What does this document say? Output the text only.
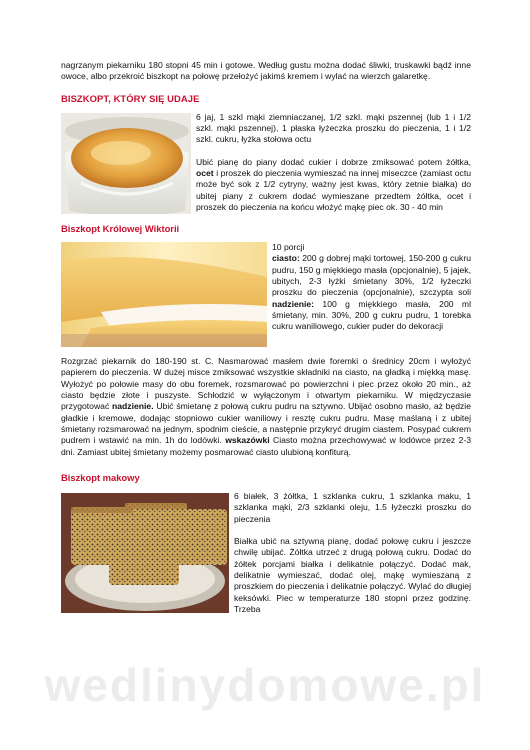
nagrzanym piekarniku 180 stopni 45 min i gotowe. Według gustu można dodać śliwki, truskawki bądź inne owoce, albo przekroić biszkopt na połowę przełożyć jakimś kremem i wylać na wierzch galaretkę.

BISZKOPT, KTÓRY SIĘ UDAJE

6 jaj, 1 szkl mąki ziemniaczanej, 1/2 szkl. mąki pszennej (lub 1 i 1/2 szkl. mąki pszennej), 1 płaska łyżeczka proszku do pieczenia, 1 i 1/2 szkl. cukru, łyżka stołowa octu

Ubić pianę do piany dodać cukier i dobrze zmiksować potem żółtka, ocet i proszek do pieczenia wymieszać na innej miseczce (zamiast octu może być sok z 1/2 cytryny, ważny jest kwas, który zetnie białka) do ubitej piany z cukrem dodać wymieszane przedtem żółtka, ocet i proszek do pieczenia na końcu włożyć mąkę piec ok. 30 - 40 min

Biszkopt Królowej Wiktorii

10 porcji

ciasto: 200 g dobrej mąki tortowej, 150-200 g cukru pudru, 150 g miękkiego masła (opcjonalnie), 5 jajek, ubitych, 2-3 łyżki śmietany 30%, 1/2 łyżeczki proszku do pieczenia (opcjonalnie), szczypta soli nadzienie: 100 g miękkiego masła, 200 ml śmietany, min. 30%, 200 g cukru pudru, 1 torebka cukru waniliowego, cukier puder do dekoracji

Rozgrzać piekarnik do 180-190 st. C. Nasmarować masłem dwie foremki o średnicy 20cm i wyłożyć papierem do pieczenia. W dużej misce zmiksować wszystkie składniki na ciasto, na gładką i miękką masę. Wyłożyć po połowie masy do obu foremek, rozsmarować po powierzchni i piec przez około 20 min., aż ciasto będzie złote i puszyste. Schłodzić w wyłączonym i otwartym piekarniku. W międzyczasie przygotować nadzienie. Ubić śmietanę z połową cukru pudru na sztywno. Ubijać osobno masło, aż będzie gładkie i kremowe, dodając stopniowo cukier waniliowy i resztę cukru pudru. Masę maślaną i z ubitej śmietany rozsmarować na jednym, spodnim cieście, a następnie przykryć drugim ciastem. Posypać cukrem pudrem i wstawić na min. 1h do lodówki. wskazówki Ciasto można przechowywać w lodówce przez 2-3 dni. Zamiast ubitej śmietany możemy posmarować ciasto ulubioną konfiturą.

Biszkopt makowy

6 białek, 3 żółtka, 1 szklanka cukru, 1 szklanka maku, 1 szklanka mąki, 2/3 szklanki oleju, 1.5 łyżeczki proszku do pieczenia

Białka ubić na sztywną pianę, dodać połowę cukru i jeszcze chwilę ubijać. Żółtka utrzeć z drugą połową cukru. Dodać do żółtek porcjami białka i delikatnie połączyć. Dodać mak, delikatnie wymieszać, dodać olej, mąkę wymieszaną z proszkiem do pieczenia i delikatnie połączyć. Wylać do długiej keksówki. Piec w temperaturze 180 stopni przez godzinę. Trzeba

wedlinydomowe.pl
